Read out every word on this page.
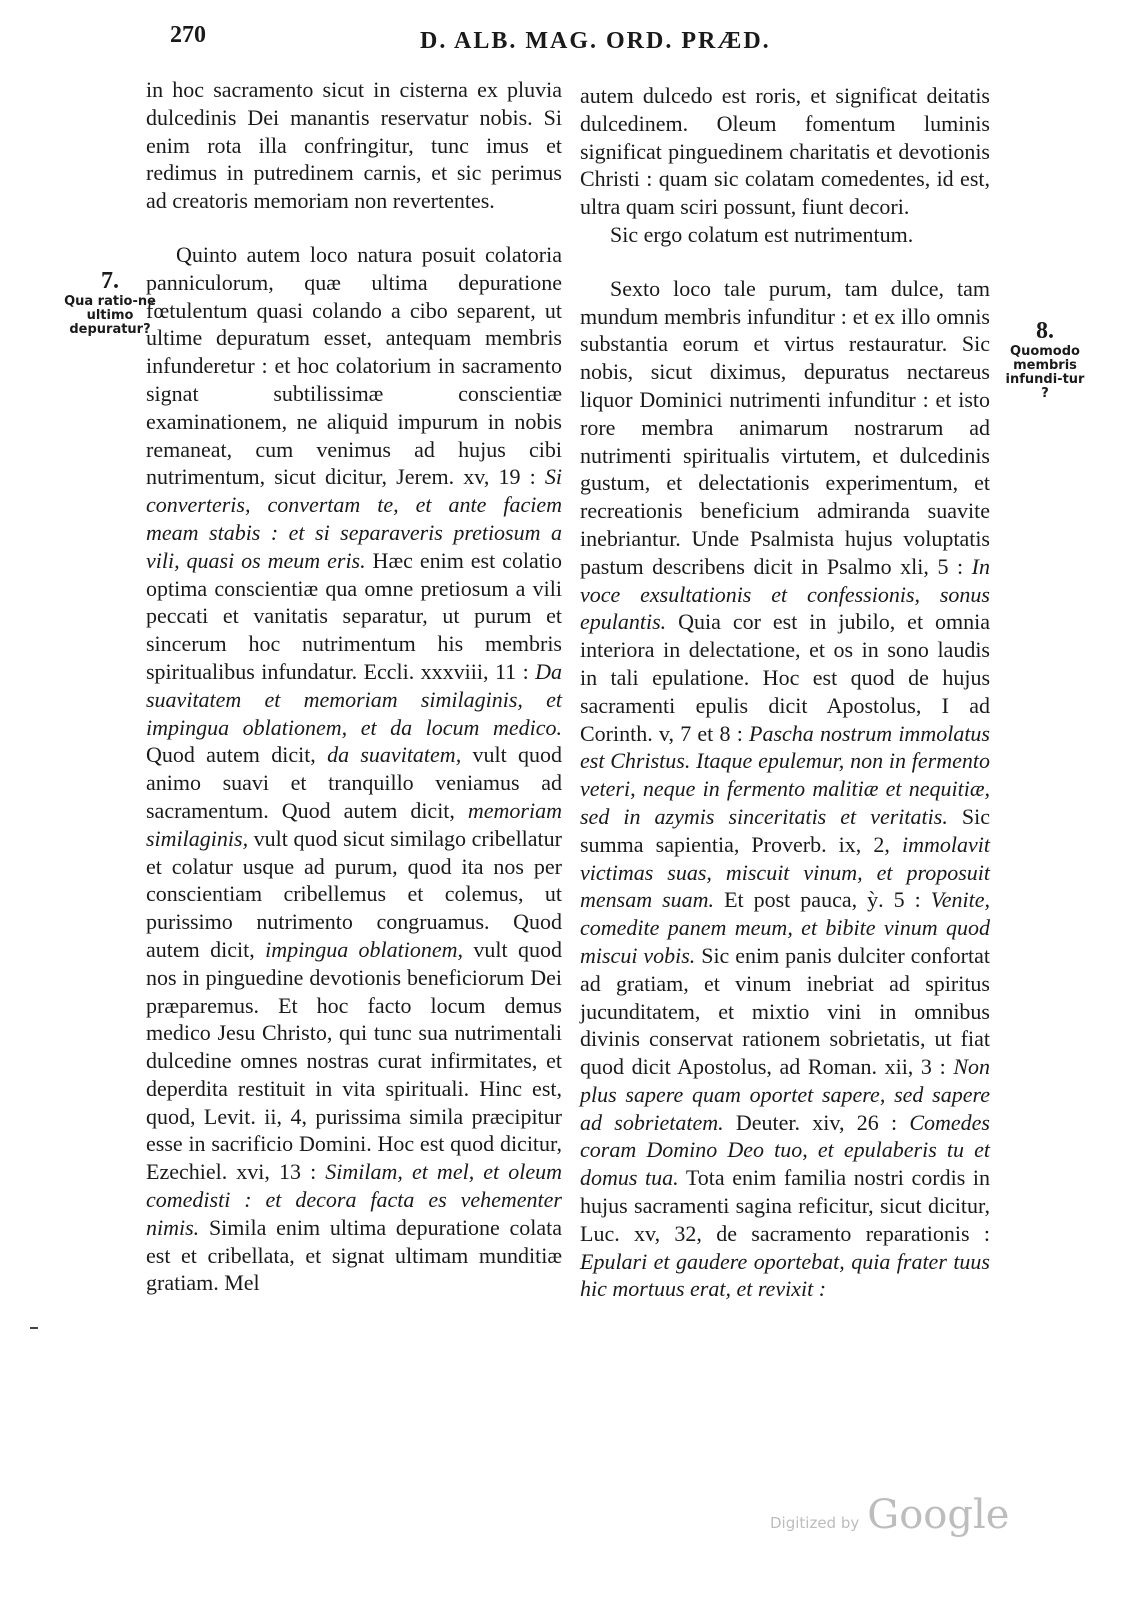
270	D. ALB. MAG. ORD. PRÆD.
7.
Qua ratio-ne ultimo depuratur?	8.
Quomodo membris infundi-tur ?

in hoc sacramento sicut in cisterna ex pluvia dulcedinis Dei manantis reservatur nobis. Si enim rota illa confringitur, tunc imus et redimus in putredinem carnis, et sic perimus ad creatoris memoriam non revertentes.

Quinto autem loco natura posuit colatoria panniculorum, quæ ultima depuratione fœtulentum quasi colando a cibo separent, ut ultime depuratum esset, antequam membris infunderetur : et hoc colatorium in sacramento signat subtilissimæ conscientiæ examinationem, ne aliquid impurum in nobis remaneat, cum venimus ad hujus cibi nutrimentum, sicut dicitur, Jerem. xv, 19 : Si converteris, convertam te, et ante faciem meam stabis : et si separaveris pretiosum a vili, quasi os meum eris. Hæc enim est colatio optima conscientiæ qua omne pretiosum a vili peccati et vanitatis separatur, ut purum et sincerum hoc nutrimentum his membris spiritualibus infundatur. Eccli. xxxviii, 11 : Da suavitatem et memoriam similaginis, et impingua oblationem, et da locum medico. Quod autem dicit, da suavitatem, vult quod animo suavi et tranquillo veniamus ad sacramentum. Quod autem dicit, memoriam similaginis, vult quod sicut similago cribellatur et colatur usque ad purum, quod ita nos per conscientiam cribellemus et colemus, ut purissimo nutrimento congruamus. Quod autem dicit, impingua oblationem, vult quod nos in pinguedine devotionis beneficiorum Dei præparemus. Et hoc facto locum demus medico Jesu Christo, qui tunc sua nutrimentali dulcedine omnes nostras curat infirmitates, et deperdita restituit in vita spirituali. Hinc est, quod, Levit. ii, 4, purissima simila præcipitur esse in sacrificio Domini. Hoc est quod dicitur, Ezechiel. xvi, 13 : Similam, et mel, et oleum comedisti : et decora facta es vehementer nimis. Simila enim ultima depuratione colata est et cribellata, et signat ultimam munditiæ gratiam. Mel

autem dulcedo est roris, et significat deitatis dulcedinem. Oleum fomentum luminis significat pinguedinem charitatis et devotionis Christi : quam sic colatam comedentes, id est, ultra quam sciri possunt, fiunt decori.

Sic ergo colatum est nutrimentum.

Sexto loco tale purum, tam dulce, tam mundum membris infunditur : et ex illo omnis substantia eorum et virtus restauratur. Sic nobis, sicut diximus, depuratus nectareus liquor Dominici nutrimenti infunditur : et isto rore membra animarum nostrarum ad nutrimenti spiritualis virtutem, et dulcedinis gustum, et delectationis experimentum, et recreationis beneficium admiranda suavite inebriantur. Unde Psalmista hujus voluptatis pastum describens dicit in Psalmo xli, 5 : In voce exsultationis et confessionis, sonus epulantis. Quia cor est in jubilo, et omnia interiora in delectatione, et os in sono laudis in tali epulatione. Hoc est quod de hujus sacramenti epulis dicit Apostolus, I ad Corinth. v, 7 et 8 : Pascha nostrum immolatus est Christus. Itaque epulemur, non in fermento veteri, neque in fermento malitiæ et nequitiæ, sed in azymis sinceritatis et veritatis. Sic summa sapientia, Proverb. ix, 2, immolavit victimas suas, miscuit vinum, et proposuit mensam suam. Et post pauca, ỳ. 5 : Venite, comedite panem meum, et bibite vinum quod miscui vobis. Sic enim panis dulciter confortat ad gratiam, et vinum inebriat ad spiritus jucunditatem, et mixtio vini in omnibus divinis conservat rationem sobrietatis, ut fiat quod dicit Apostolus, ad Roman. xii, 3 : Non plus sapere quam oportet sapere, sed sapere ad sobrietatem. Deuter. xiv, 26 : Comedes coram Domino Deo tuo, et epulaberis tu et domus tua. Tota enim familia nostri cordis in hujus sacramenti sagina reficitur, sicut dicitur, Luc. xv, 32, de sacramento reparationis : Epulari et gaudere oportebat, quia frater tuus hic mortuus erat, et revixit :

Digitized by Google
